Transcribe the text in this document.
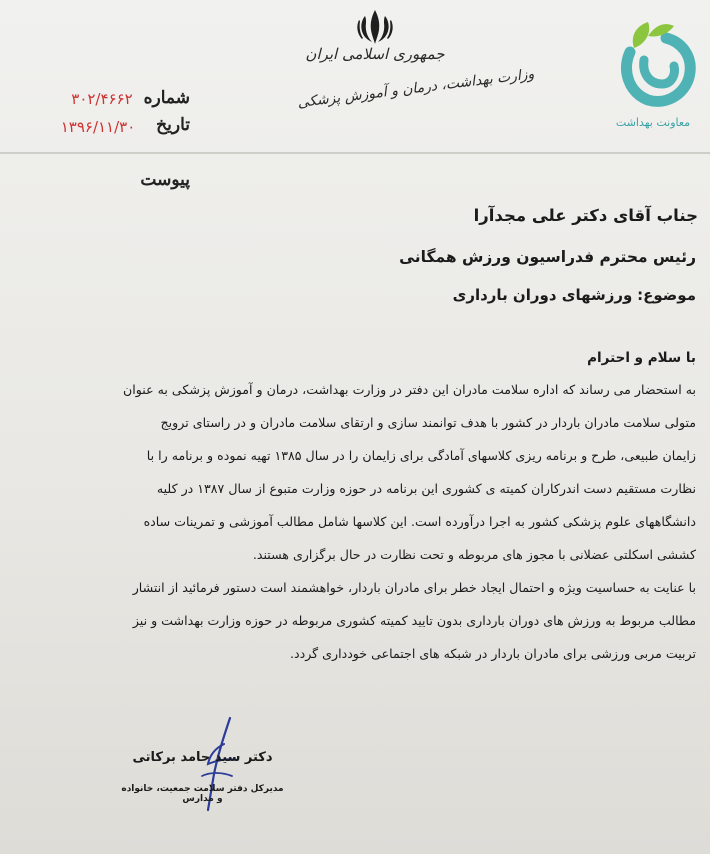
جمهوری اسلامی ایران
وزارت بهداشت، درمان و آموزش پزشکی
معاونت بهداشت
شماره
۳۰۲/۴۶۶۲
تاریخ
۱۳۹۶/۱۱/۳۰
پیوست
جناب آقای دکتر علی مجدآرا
رئیس محترم فدراسیون ورزش همگانی
موضوع: ورزشهای دوران بارداری
با سلام و احترام
به استحضار می رساند که اداره سلامت مادران این دفتر در وزارت بهداشت، درمان و آموزش پزشکی به عنوان
متولی سلامت مادران باردار در کشور با هدف توانمند سازی و ارتقای سلامت مادران و در راستای ترویج
زایمان طبیعی، طرح و برنامه ریزی کلاسهای آمادگی برای زایمان را در سال ۱۳۸۵ تهیه نموده و برنامه را با
نظارت مستقیم دست اندرکاران کمیته ی کشوری این برنامه در حوزه وزارت متبوع از سال ۱۳۸۷ در کلیه
دانشگاههای علوم پزشکی کشور به اجرا درآورده است. این کلاسها شامل مطالب آموزشی و تمرینات ساده
کششی اسکلتی عضلانی با مجوز های مربوطه و تحت نظارت در حال برگزاری هستند.
با عنایت به حساسیت ویژه و احتمال ایجاد خطر برای مادران باردار، خواهشمند است دستور فرمائید از انتشار
مطالب مربوط به ورزش های دوران بارداری بدون تایید کمیته کشوری مربوطه در حوزه وزارت بهداشت و نیز
تربیت مربی ورزشی برای مادران باردار در شبکه های اجتماعی خودداری گردد.
دکتر سید حامد برکاتی
مدیرکل دفتر سلامت جمعیت، خانواده و مدارس
